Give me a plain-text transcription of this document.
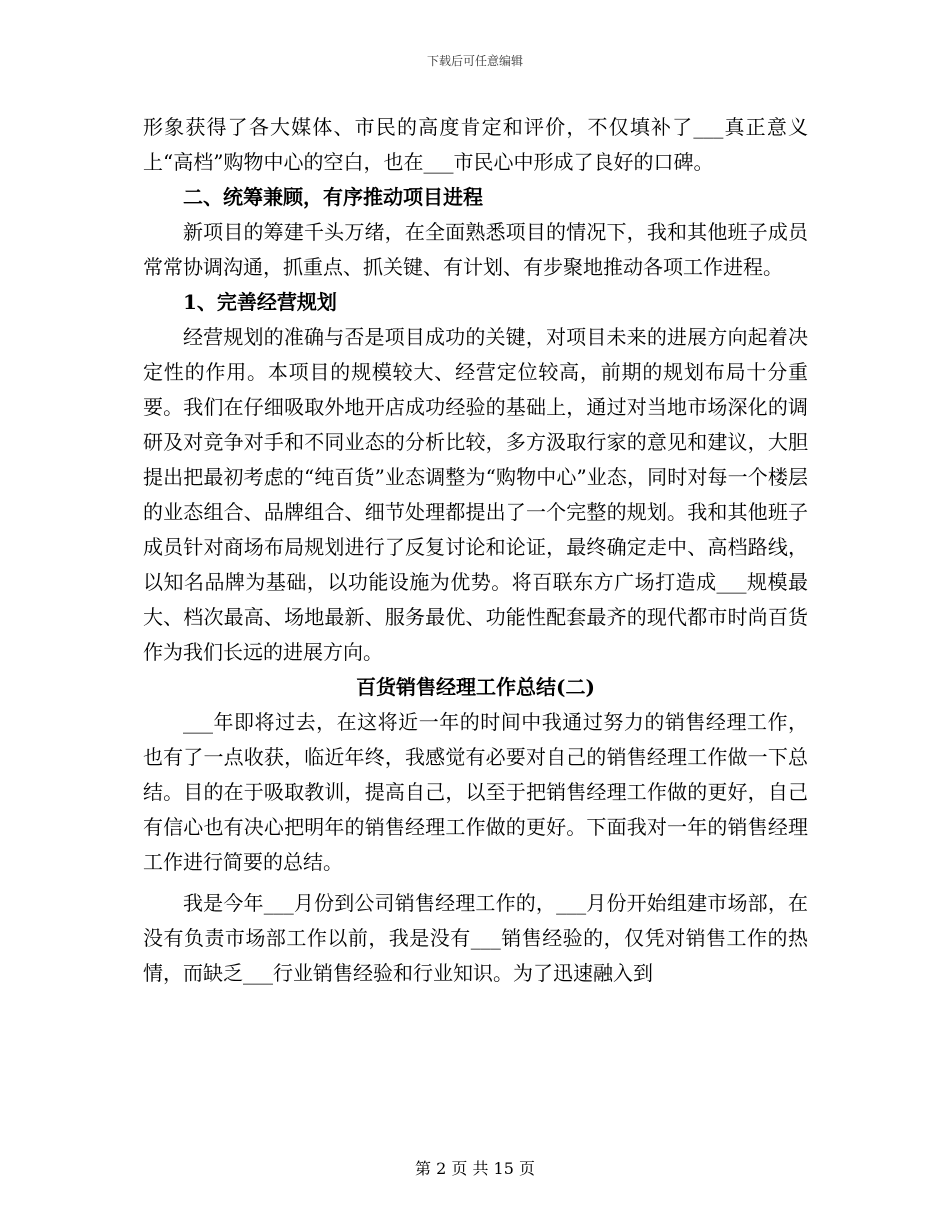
下载后可任意编辑

形象获得了各大媒体、市民的高度肯定和评价，不仅填补了___真正意义上“高档”购物中心的空白，也在___市民心中形成了良好的口碑。

二、统筹兼顾，有序推动项目进程

新项目的筹建千头万绪，在全面熟悉项目的情况下，我和其他班子成员常常协调沟通，抓重点、抓关键、有计划、有步聚地推动各项工作进程。

1、完善经营规划

经营规划的准确与否是项目成功的关键，对项目未来的进展方向起着决定性的作用。本项目的规模较大、经营定位较高，前期的规划布局十分重要。我们在仔细吸取外地开店成功经验的基础上，通过对当地市场深化的调研及对竞争对手和不同业态的分析比较，多方汲取行家的意见和建议，大胆提出把最初考虑的“纯百货”业态调整为“购物中心”业态，同时对每一个楼层的业态组合、品牌组合、细节处理都提出了一个完整的规划。我和其他班子成员针对商场布局规划进行了反复讨论和论证，最终确定走中、高档路线，以知名品牌为基础，以功能设施为优势。将百联东方广场打造成___规模最大、档次最高、场地最新、服务最优、功能性配套最齐的现代都市时尚百货作为我们长远的进展方向。

百货销售经理工作总结(二)

___年即将过去，在这将近一年的时间中我通过努力的销售经理工作，也有了一点收获，临近年终，我感觉有必要对自己的销售经理工作做一下总结。目的在于吸取教训，提高自己，以至于把销售经理工作做的更好，自己有信心也有决心把明年的销售经理工作做的更好。下面我对一年的销售经理工作进行简要的总结。

我是今年___月份到公司销售经理工作的，___月份开始组建市场部，在没有负责市场部工作以前，我是没有___销售经验的，仅凭对销售工作的热情，而缺乏___行业销售经验和行业知识。为了迅速融入到

第 2 页 共 15 页
